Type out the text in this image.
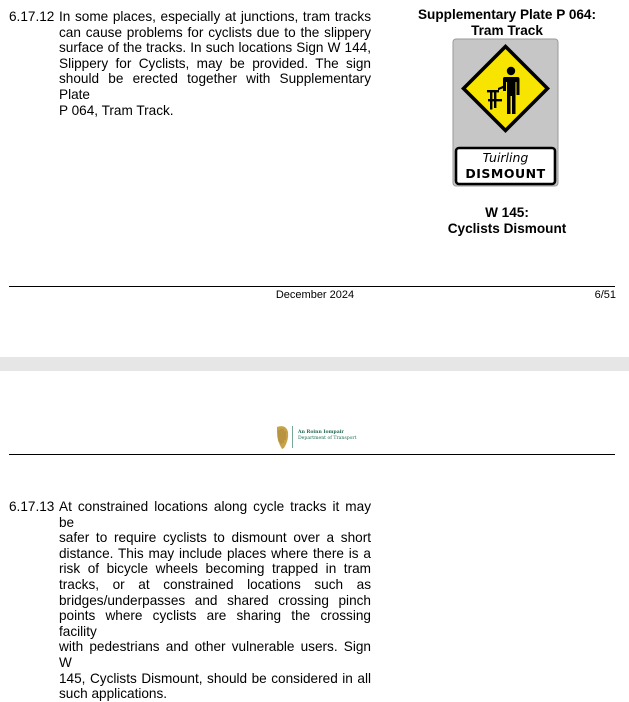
6.17.12 In some places, especially at junctions, tram tracks
can cause problems for cyclists due to the slippery
surface of the tracks. In such locations Sign W 144,
Slippery for Cyclists, may be provided. The sign
should be erected together with Supplementary Plate
P 064, Tram Track.
Supplementary Plate P 064:
Tram Track
Tuirling
DISMOUNT
W 145:
Cyclists Dismount
December 2024	6/51
An Roinn Iompair
Department of Transport
6.17.13 At constrained locations along cycle tracks it may be
safer to require cyclists to dismount over a short
distance. This may include places where there is a
risk of bicycle wheels becoming trapped in tram
tracks, or at constrained locations such as
bridges/underpasses and shared crossing pinch
points where cyclists are sharing the crossing facility
with pedestrians and other vulnerable users. Sign W
145, Cyclists Dismount, should be considered in all
such applications.
